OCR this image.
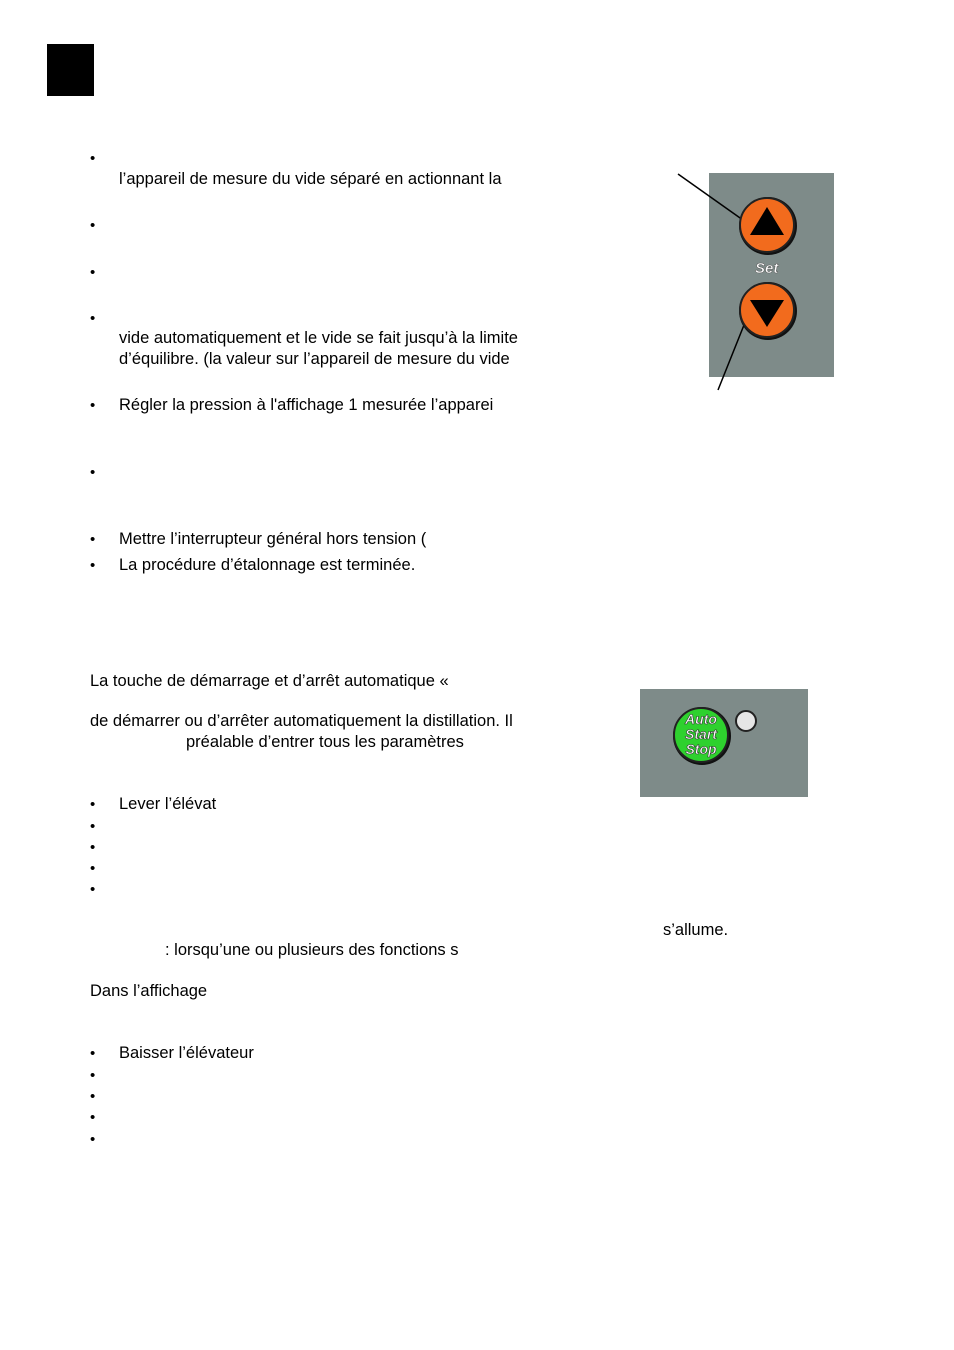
•
l’appareil de mesure du vide séparé en actionnant la
•
•
•
vide automatiquement et le vide se fait jusqu’à la limite
d’équilibre. (la valeur sur l’appareil de mesure du vide
• Régler la pression à l'affichage 1 mesurée l’apparei
•
• Mettre l’interrupteur général hors tension (
• La procédure d’étalonnage est terminée.
Set
La touche de démarrage et d’arrêt automatique «
de démarrer ou d’arrêter automatiquement la distillation. Il
préalable d’entrer tous les paramètres
Auto
Start
Stop
• Lever l’élévat
•
•
•
•
s’allume.
: lorsqu’une ou plusieurs des fonctions s
Dans l’affichage
• Baisser l’élévateur
•
•
•
•
